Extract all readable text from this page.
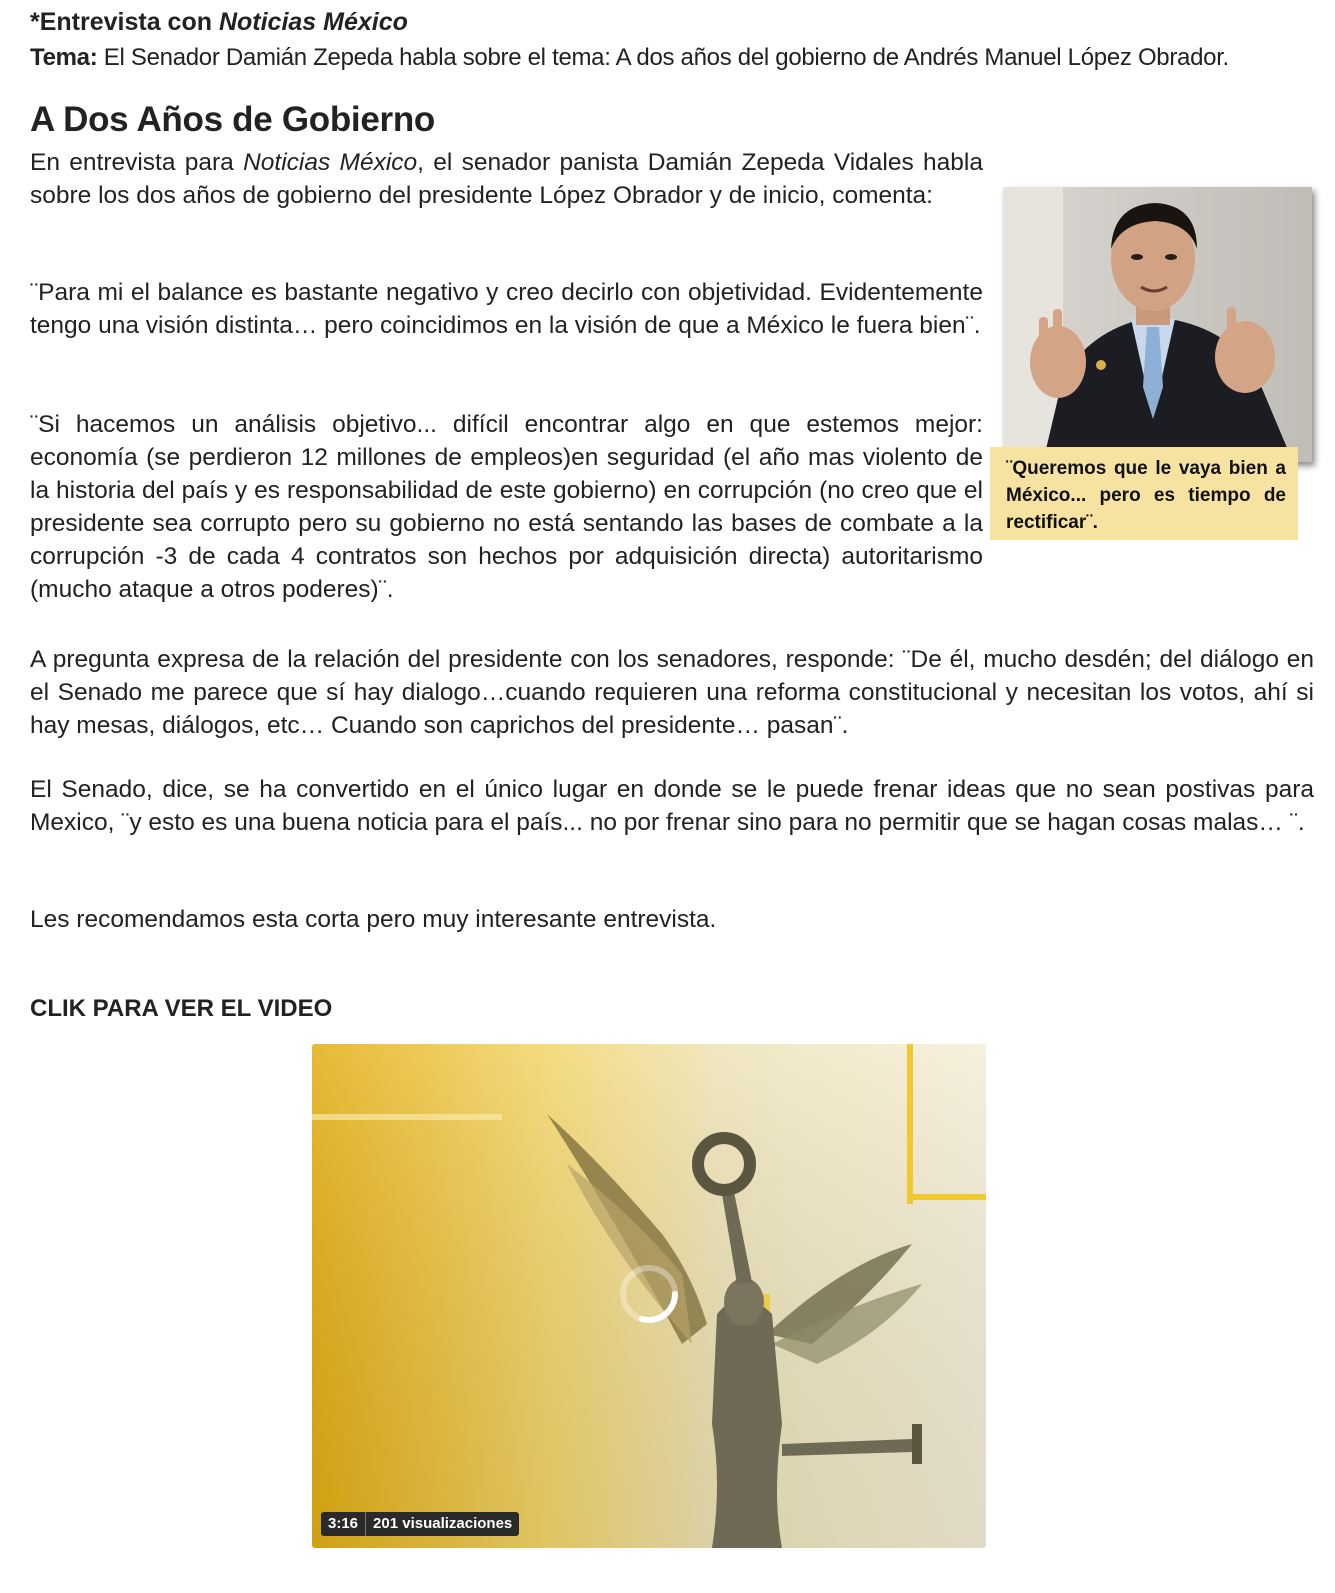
*Entrevista con Noticias México
Tema: El Senador Damián Zepeda habla sobre el tema: A dos años del gobierno de Andrés Manuel López Obrador.
A Dos Años de Gobierno
En entrevista para Noticias México, el senador panista Damián Zepeda Vidales habla sobre los dos años de gobierno del presidente López Obrador y de inicio, comenta:
¨Para mi el balance es bastante negativo y creo decirlo con objetividad. Evidentemente tengo una visión distinta… pero coincidimos en la visión de que a México le fuera bien¨.
¨Si hacemos un análisis objetivo... difícil encontrar algo en que estemos mejor: economía (se perdieron 12 millones de empleos)en seguridad (el año mas violento de la historia del país y es responsabilidad de este gobierno) en corrupción (no creo que el presidente sea corrupto pero su gobierno no está sentando las bases de combate a la corrupción -3 de cada 4 contratos son hechos por adquisición directa) autoritarismo (mucho ataque a otros poderes)¨.
A pregunta expresa de la relación del presidente con los senadores, responde: ¨De él, mucho desdén; del diálogo en el Senado me parece que sí hay dialogo…cuando requieren una reforma constitucional y necesitan los votos, ahí si hay mesas, diálogos, etc… Cuando son caprichos del presidente… pasan¨.
El Senado, dice, se ha convertido en el único lugar en donde se le puede frenar ideas que no sean postivas para Mexico, ¨y esto es una buena noticia para el país... no por frenar sino para no permitir que se hagan cosas malas… ¨.
Les recomendamos esta corta pero muy interesante entrevista.
¨Queremos que le vaya bien a México... pero es tiempo de rectificar¨.
CLIK PARA VER EL VIDEO
3:16	201 visualizaciones
